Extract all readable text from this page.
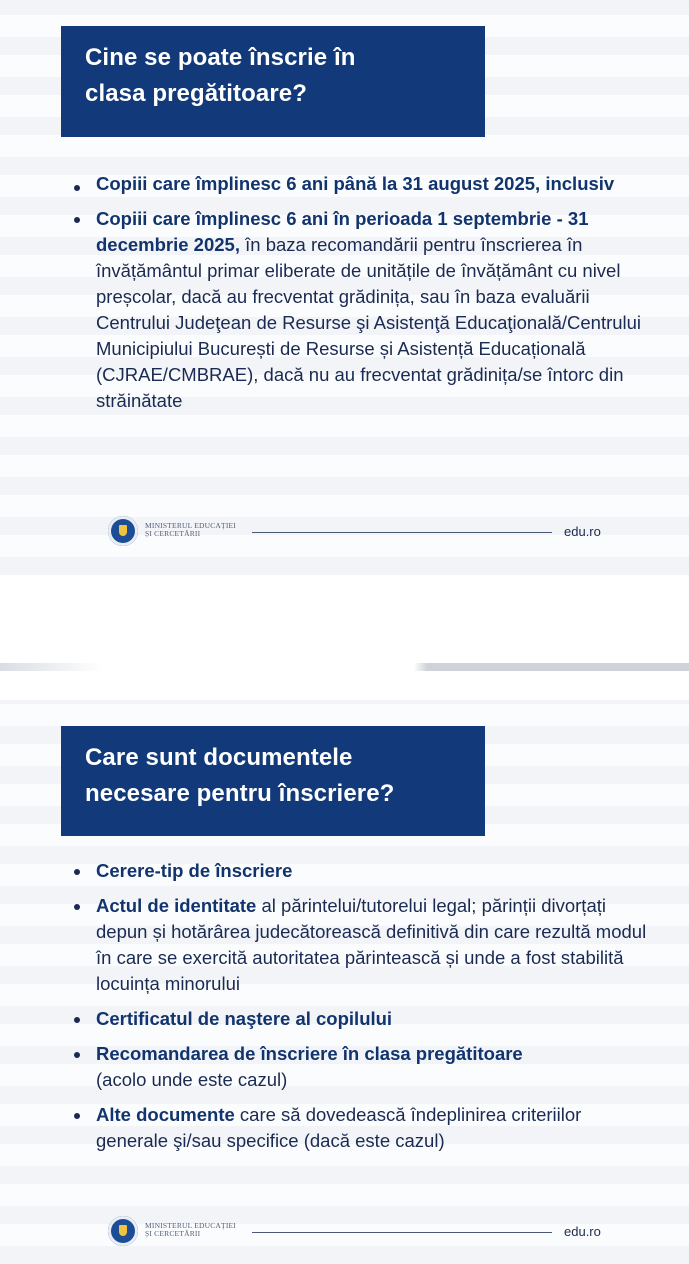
Cine se poate înscrie în
clasa pregătitoare?
Copiii care împlinesc 6 ani până la 31 august 2025, inclusiv
Copiii care împlinesc 6 ani în perioada 1 septembrie - 31 decembrie 2025, în baza recomandării pentru înscrierea în învățământul primar eliberate de unitățile de învățământ cu nivel preșcolar, dacă au frecventat grădinița, sau în baza evaluării Centrului Judeţean de Resurse şi Asistenţă Educaţională/Centrului Municipiului București de Resurse și Asistență Educațională (CJRAE/CMBRAE), dacă nu au frecventat grădinița/se întorc din străinătate
MINISTERUL EDUCAȚIEI
ȘI CERCETĂRII	edu.ro
Care sunt documentele
necesare pentru înscriere?
Cerere-tip de înscriere
Actul de identitate al părintelui/tutorelui legal; părinții divorțați depun și hotărârea judecătorească definitivă din care rezultă modul în care se exercită autoritatea părintească și unde a fost stabilită locuința minorului
Certificatul de naştere al copilului
Recomandarea de înscriere în clasa pregătitoare
(acolo unde este cazul)
Alte documente care să dovedească îndeplinirea criteriilor generale şi/sau specifice (dacă este cazul)
MINISTERUL EDUCAȚIEI
ȘI CERCETĂRII	edu.ro
